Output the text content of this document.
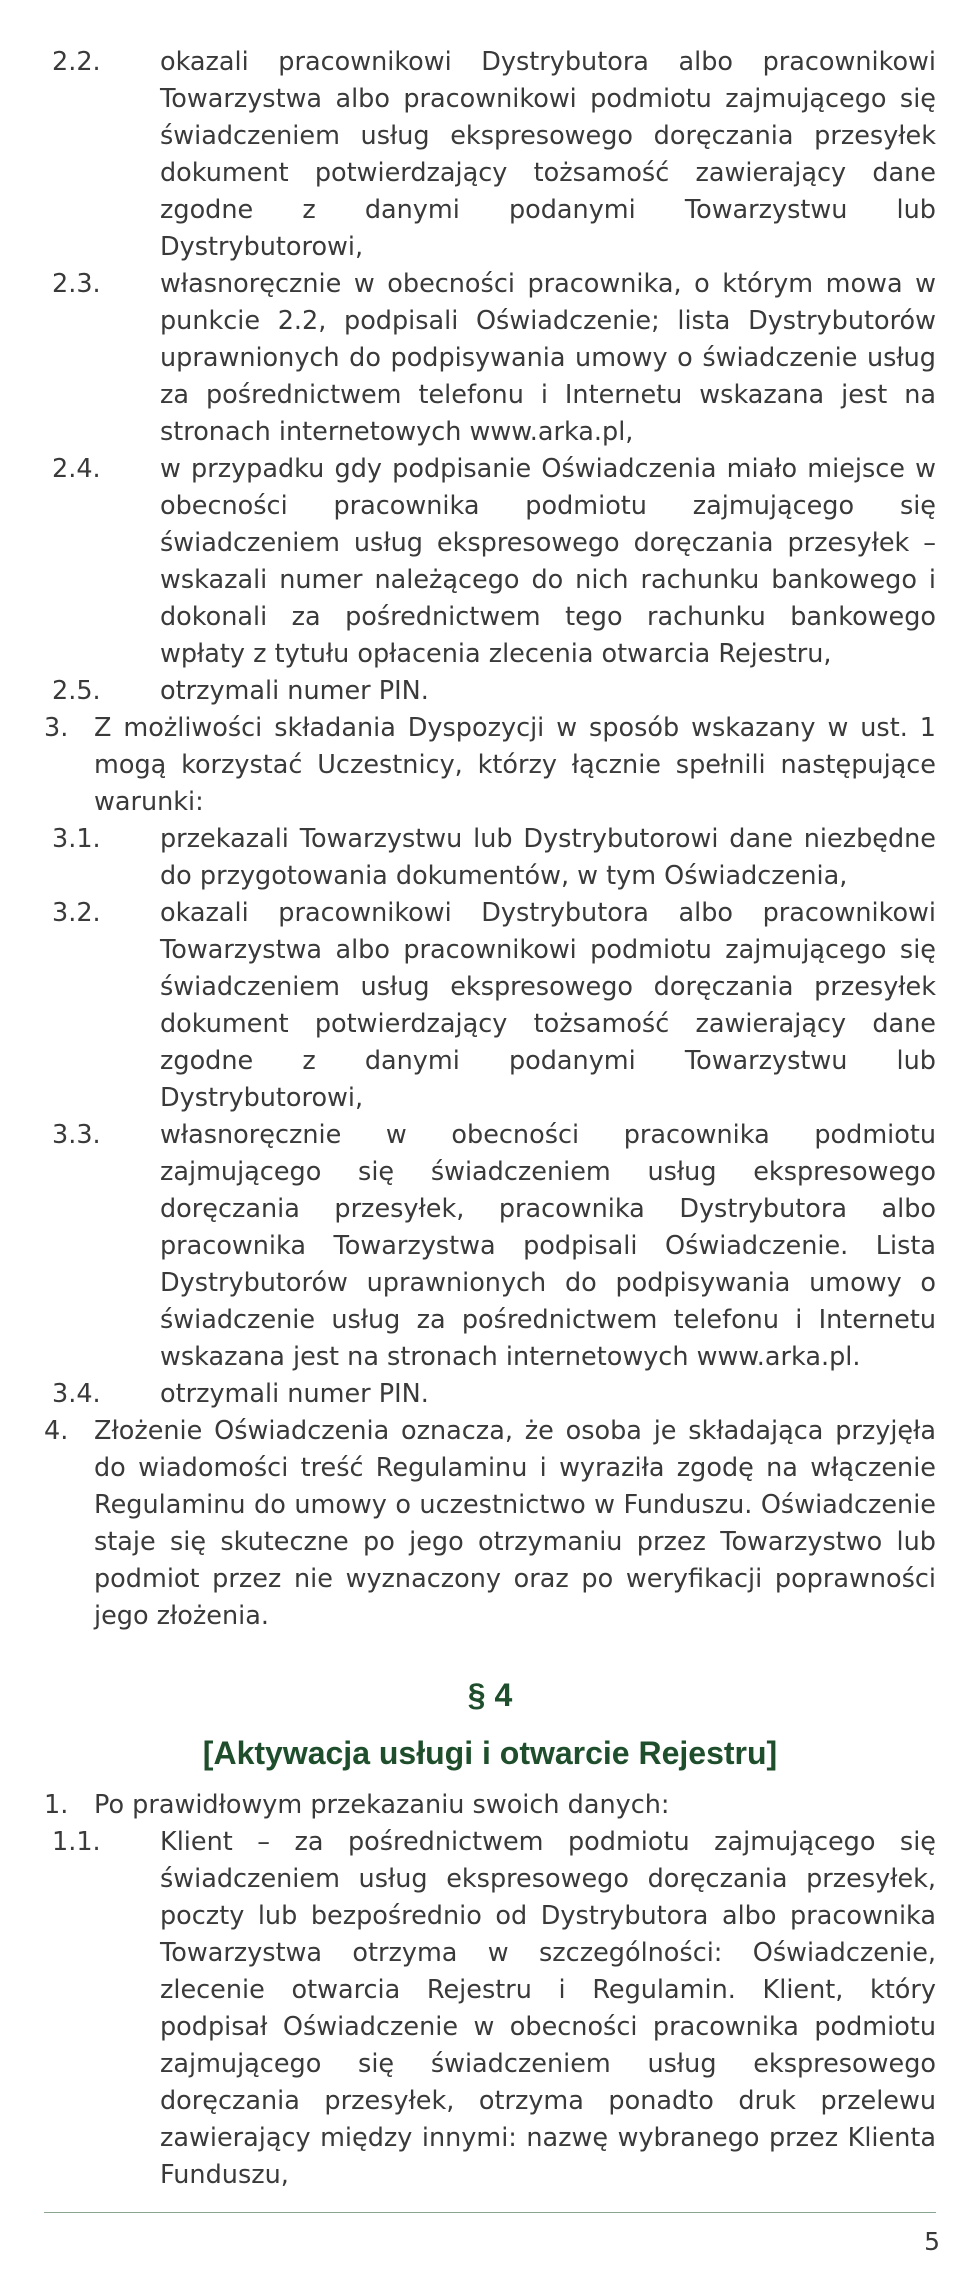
2.2. okazali pracownikowi Dystrybutora albo pracownikowi Towarzystwa albo pracownikowi podmiotu zajmującego się świadczeniem usług ekspresowego doręczania przesyłek dokument potwierdzający tożsamość zawierający dane zgodne z danymi podanymi Towarzystwu lub Dystrybutorowi,
2.3. własnoręcznie w obecności pracownika, o którym mowa w punkcie 2.2, podpisali Oświadczenie; lista Dystrybutorów uprawnionych do podpisywania umowy o świadczenie usług za pośrednictwem telefonu i Internetu wskazana jest na stronach internetowych www.arka.pl,
2.4. w przypadku gdy podpisanie Oświadczenia miało miejsce w obecności pracownika podmiotu zajmującego się świadczeniem usług ekspresowego doręczania przesyłek – wskazali numer należącego do nich rachunku bankowego i dokonali za pośrednictwem tego rachunku bankowego wpłaty z tytułu opłacenia zlecenia otwarcia Rejestru,
2.5. otrzymali numer PIN.
3. Z możliwości składania Dyspozycji w sposób wskazany w ust. 1 mogą korzystać Uczestnicy, którzy łącznie spełnili następujące warunki:
3.1. przekazali Towarzystwu lub Dystrybutorowi dane niezbędne do przygotowania dokumentów, w tym Oświadczenia,
3.2. okazali pracownikowi Dystrybutora albo pracownikowi Towarzystwa albo pracownikowi podmiotu zajmującego się świadczeniem usług ekspresowego doręczania przesyłek dokument potwierdzający tożsamość zawierający dane zgodne z danymi podanymi Towarzystwu lub Dystrybutorowi,
3.3. własnoręcznie w obecności pracownika podmiotu zajmującego się świadczeniem usług ekspresowego doręczania przesyłek, pracownika Dystrybutora albo pracownika Towarzystwa podpisali Oświadczenie. Lista Dystrybutorów uprawnionych do podpisywania umowy o świadczenie usług za pośrednictwem telefonu i Internetu wskazana jest na stronach internetowych www.arka.pl.
3.4. otrzymali numer PIN.
4. Złożenie Oświadczenia oznacza, że osoba je składająca przyjęła do wiadomości treść Regulaminu i wyraziła zgodę na włączenie Regulaminu do umowy o uczestnictwo w Funduszu. Oświadczenie staje się skuteczne po jego otrzymaniu przez Towarzystwo lub podmiot przez nie wyznaczony oraz po weryfikacji poprawności jego złożenia.
§ 4
[Aktywacja usługi i otwarcie Rejestru]
1. Po prawidłowym przekazaniu swoich danych:
1.1. Klient – za pośrednictwem podmiotu zajmującego się świadczeniem usług ekspresowego doręczania przesyłek, poczty lub bezpośrednio od Dystrybutora albo pracownika Towarzystwa otrzyma w szczególności: Oświadczenie, zlecenie otwarcia Rejestru i Regulamin. Klient, który podpisał Oświadczenie w obecności pracownika podmiotu zajmującego się świadczeniem usług ekspresowego doręczania przesyłek, otrzyma ponadto druk przelewu zawierający między innymi: nazwę wybranego przez Klienta Funduszu,
5
